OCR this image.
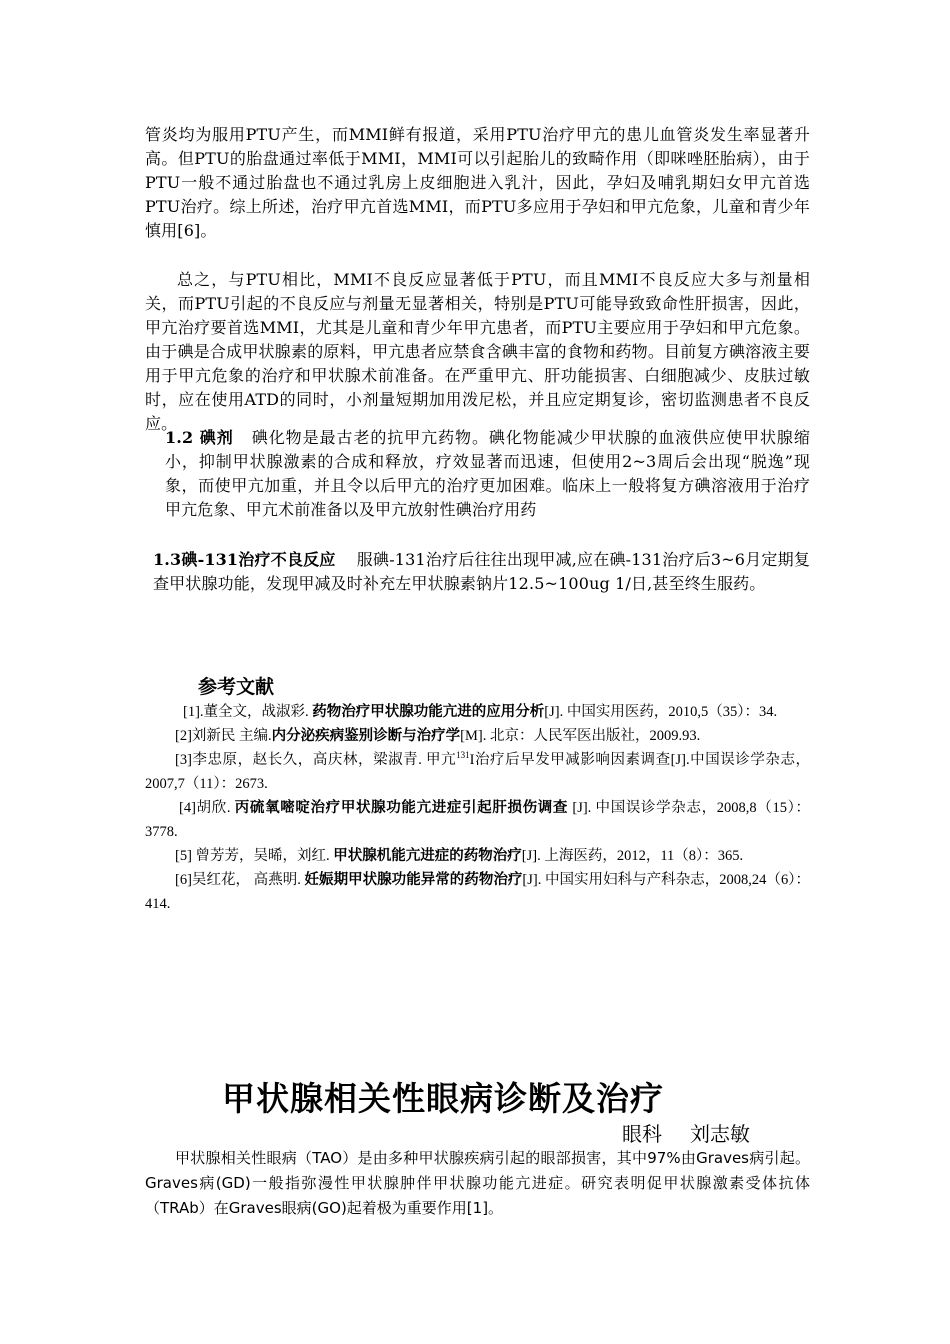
管炎均为服用PTU产生，而MMI鲜有报道，采用PTU治疗甲亢的患儿血管炎发生率显著升高。但PTU的胎盘通过率低于MMI，MMI可以引起胎儿的致畸作用（即咪唑胚胎病），由于PTU一般不通过胎盘也不通过乳房上皮细胞进入乳汁，因此，孕妇及哺乳期妇女甲亢首选PTU治疗。综上所述，治疗甲亢首选MMI，而PTU多应用于孕妇和甲亢危象，儿童和青少年慎用[6]。

总之，与PTU相比，MMI不良反应显著低于PTU，而且MMI不良反应大多与剂量相关，而PTU引起的不良反应与剂量无显著相关，特别是PTU可能导致致命性肝损害，因此，甲亢治疗要首选MMI，尤其是儿童和青少年甲亢患者，而PTU主要应用于孕妇和甲亢危象。由于碘是合成甲状腺素的原料，甲亢患者应禁食含碘丰富的食物和药物。目前复方碘溶液主要用于甲亢危象的治疗和甲状腺术前准备。在严重甲亢、肝功能损害、白细胞减少、皮肤过敏时，应在使用ATD的同时，小剂量短期加用泼尼松，并且应定期复诊，密切监测患者不良反应。

1.2 碘剂 碘化物是最古老的抗甲亢药物。碘化物能减少甲状腺的血液供应使甲状腺缩小，抑制甲状腺激素的合成和释放，疗效显著而迅速，但使用2~3周后会出现“脱逸”现象，而使甲亢加重，并且令以后甲亢的治疗更加困难。临床上一般将复方碘溶液用于治疗甲亢危象、甲亢术前准备以及甲亢放射性碘治疗用药

1.3碘-131治疗不良反应 服碘-131治疗后往往出现甲减,应在碘-131治疗后3~6月定期复查甲状腺功能，发现甲减及时补充左甲状腺素钠片12.5~100ug 1/日,甚至终生服药。

参考文献

[1].董全文，战淑彩. 药物治疗甲状腺功能亢进的应用分析[J]. 中国实用医药，2010,5（35）：34.

[2]刘新民 主编.内分泌疾病鉴别诊断与治疗学[M]. 北京：人民军医出版社，2009.93.

[3]李忠原，赵长久，高庆林，梁淑青. 甲亢$^{131}$I治疗后早发甲减影响因素调查[J].中国误诊学杂志，2007,7（11）：2673.

[4]胡欣. 丙硫氧嘧啶治疗甲状腺功能亢进症引起肝损伤调查 [J]. 中国误诊学杂志，2008,8（15）：3778.

[5] 曾芳芳，吴晞，刘红. 甲状腺机能亢进症的药物治疗[J]. 上海医药，2012，11（8）：365.

[6]吴红花， 高燕明. 妊娠期甲状腺功能异常的药物治疗[J]. 中国实用妇科与产科杂志，2008,24（6）：414.

甲状腺相关性眼病诊断及治疗
眼科 刘志敏

甲状腺相关性眼病（TAO）是由多种甲状腺疾病引起的眼部损害，其中97%由Graves病引起。Graves病(GD)一般指弥漫性甲状腺肿伴甲状腺功能亢进症。研究表明促甲状腺激素受体抗体（TRAb）在Graves眼病(GO)起着极为重要作用[1]。
